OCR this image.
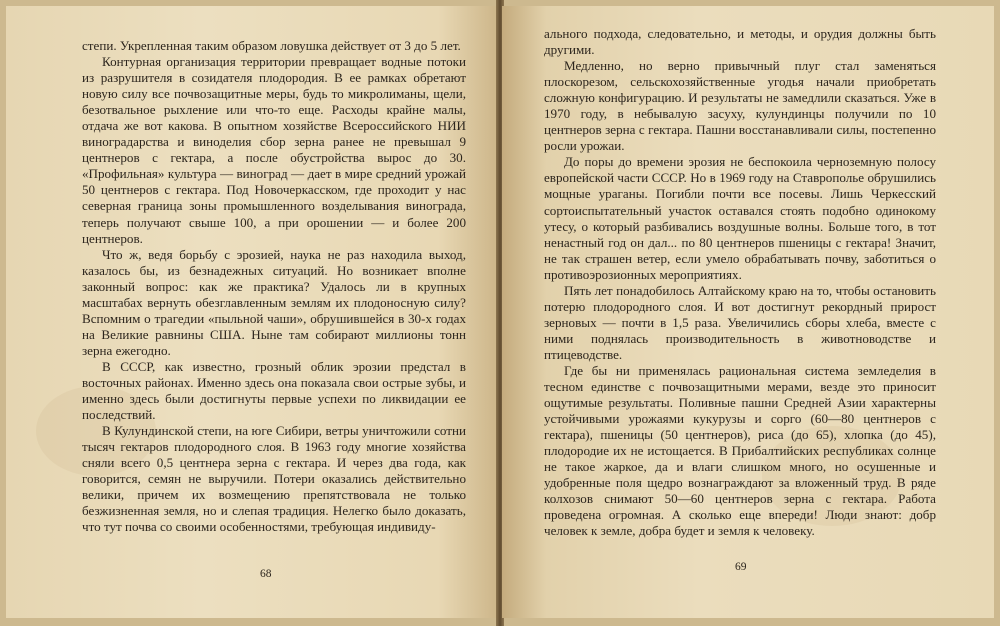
степи. Укрепленная таким образом ловушка действует от 3 до 5 лет.

Контурная организация территории превращает водные потоки из разрушителя в созидателя плодородия. В ее рамках обретают новую силу все почвозащитные меры, будь то микролиманы, щели, безотвальное рыхление или что-то еще. Расходы крайне малы, отдача же вот какова. В опытном хозяйстве Всероссийского НИИ виноградарства и виноделия сбор зерна ранее не превышал 9 центнеров с гектара, а после обустройства вырос до 30. «Профильная» культура — виноград — дает в мире средний урожай 50 центнеров с гектара. Под Новочеркасском, где проходит у нас северная граница зоны промышленного возделывания винограда, теперь получают свыше 100, а при орошении — и более 200 центнеров.

Что ж, ведя борьбу с эрозией, наука не раз находила выход, казалось бы, из безнадежных ситуаций. Но возникает вполне законный вопрос: как же практика? Удалось ли в крупных масштабах вернуть обезглавленным землям их плодоносную силу? Вспомним о трагедии «пыльной чаши», обрушившейся в 30-х годах на Великие равнины США. Ныне там собирают миллионы тонн зерна ежегодно.

В СССР, как известно, грозный облик эрозии предстал в восточных районах. Именно здесь она показала свои острые зубы, и именно здесь были достигнуты первые успехи по ликвидации ее последствий.

В Кулундинской степи, на юге Сибири, ветры уничтожили сотни тысяч гектаров плодородного слоя. В 1963 году многие хозяйства сняли всего 0,5 центнера зерна с гектара. И через два года, как говорится, семян не выручили. Потери оказались действительно велики, причем их возмещению препятствовала не только безжизненная земля, но и слепая традиция. Нелегко было доказать, что тут почва со своими особенностями, требующая индивиду-

68

ального подхода, следовательно, и методы, и орудия должны быть другими.

Медленно, но верно привычный плуг стал заменяться плоскорезом, сельскохозяйственные угодья начали приобретать сложную конфигурацию. И результаты не замедлили сказаться. Уже в 1970 году, в небывалую засуху, кулундинцы получили по 10 центнеров зерна с гектара. Пашни восстанавливали силы, постепенно росли урожаи.

До поры до времени эрозия не беспокоила черноземную полосу европейской части СССР. Но в 1969 году на Ставрополье обрушились мощные ураганы. Погибли почти все посевы. Лишь Черкесский сортоиспытательный участок оставался стоять подобно одинокому утесу, о который разбивались воздушные волны. Больше того, в тот ненастный год он дал... по 80 центнеров пшеницы с гектара! Значит, не так страшен ветер, если умело обрабатывать почву, заботиться о противоэрозионных мероприятиях.

Пять лет понадобилось Алтайскому краю на то, чтобы остановить потерю плодородного слоя. И вот достигнут рекордный прирост зерновых — почти в 1,5 раза. Увеличились сборы хлеба, вместе с ними поднялась производительность в животноводстве и птицеводстве.

Где бы ни применялась рациональная система земледелия в тесном единстве с почвозащитными мерами, везде это приносит ощутимые результаты. Поливные пашни Средней Азии характерны устойчивыми урожаями кукурузы и сорго (60—80 центнеров с гектара), пшеницы (50 центнеров), риса (до 65), хлопка (до 45), плодородие их не истощается. В Прибалтийских республиках солнце не такое жаркое, да и влаги слишком много, но осушенные и удобренные поля щедро вознаграждают за вложенный труд. В ряде колхозов снимают 50—60 центнеров зерна с гектара. Работа проведена огромная. А сколько еще впереди! Люди знают: добр человек к земле, добра будет и земля к человеку.

69
